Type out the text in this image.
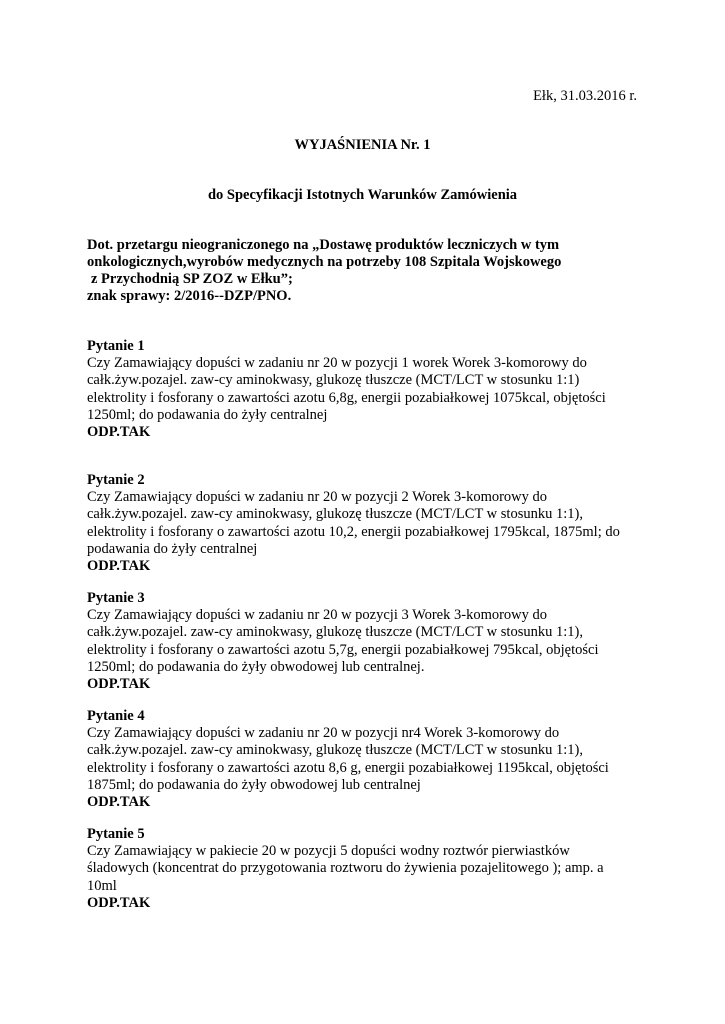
Ełk, 31.03.2016 r.
WYJAŚNIENIA Nr. 1
do Specyfikacji Istotnych Warunków Zamówienia
Dot. przetargu nieograniczonego na „Dostawę produktów leczniczych w tym
onkologicznych,wyrobów medycznych na potrzeby 108 Szpitala Wojskowego
z Przychodnią SP ZOZ w Ełku”;
znak sprawy: 2/2016--DZP/PNO.
Pytanie 1
Czy Zamawiający dopuści w zadaniu nr 20 w pozycji 1 worek Worek 3-komorowy do
całk.żyw.pozajel. zaw-cy aminokwasy, glukozę tłuszcze (MCT/LCT w stosunku 1:1)
elektrolity i fosforany o zawartości azotu 6,8g, energii pozabiałkowej 1075kcal, objętości
1250ml; do podawania do żyły centralnej
ODP.TAK
Pytanie 2
Czy Zamawiający dopuści w zadaniu nr 20 w pozycji 2 Worek 3-komorowy do
całk.żyw.pozajel. zaw-cy aminokwasy, glukozę tłuszcze (MCT/LCT w stosunku 1:1),
elektrolity i fosforany o zawartości azotu 10,2, energii pozabiałkowej 1795kcal, 1875ml; do
podawania do żyły centralnej
ODP.TAK
Pytanie 3
Czy Zamawiający dopuści w zadaniu nr 20 w pozycji 3 Worek 3-komorowy do
całk.żyw.pozajel. zaw-cy aminokwasy, glukozę tłuszcze (MCT/LCT w stosunku 1:1),
elektrolity i fosforany o zawartości azotu 5,7g, energii pozabiałkowej 795kcal, objętości
1250ml; do podawania do żyły obwodowej lub centralnej.
ODP.TAK
Pytanie 4
Czy Zamawiający dopuści w zadaniu nr 20 w pozycji nr4 Worek 3-komorowy do
całk.żyw.pozajel. zaw-cy aminokwasy, glukozę tłuszcze (MCT/LCT w stosunku 1:1),
elektrolity i fosforany o zawartości azotu 8,6 g, energii pozabiałkowej 1195kcal, objętości
1875ml; do podawania do żyły obwodowej lub centralnej
ODP.TAK
Pytanie 5
Czy Zamawiający w pakiecie 20 w pozycji 5 dopuści wodny roztwór pierwiastków
śladowych (koncentrat do przygotowania roztworu do żywienia pozajelitowego ); amp. a
10ml
ODP.TAK
